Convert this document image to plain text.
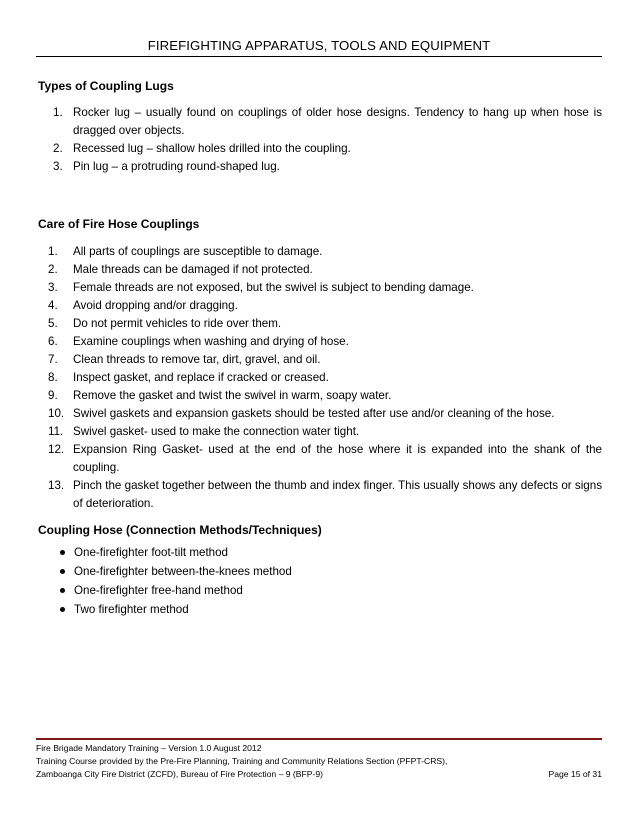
FIREFIGHTING APPARATUS, TOOLS AND EQUIPMENT
Types of Coupling Lugs
1. Rocker lug – usually found on couplings of older hose designs. Tendency to hang up when hose is dragged over objects.
2. Recessed lug – shallow holes drilled into the coupling.
3. Pin lug – a protruding round-shaped lug.
Care of Fire Hose Couplings
1. All parts of couplings are susceptible to damage.
2. Male threads can be damaged if not protected.
3. Female threads are not exposed, but the swivel is subject to bending damage.
4. Avoid dropping and/or dragging.
5. Do not permit vehicles to ride over them.
6. Examine couplings when washing and drying of hose.
7. Clean threads to remove tar, dirt, gravel, and oil.
8. Inspect gasket, and replace if cracked or creased.
9. Remove the gasket and twist the swivel in warm, soapy water.
10. Swivel gaskets and expansion gaskets should be tested after use and/or cleaning of the hose.
11. Swivel gasket- used to make the connection water tight.
12. Expansion Ring Gasket- used at the end of the hose where it is expanded into the shank of the coupling.
13. Pinch the gasket together between the thumb and index finger. This usually shows any defects or signs of deterioration.
Coupling Hose (Connection Methods/Techniques)
One-firefighter foot-tilt method
One-firefighter between-the-knees method
One-firefighter free-hand method
Two firefighter method
Fire Brigade Mandatory Training – Version 1.0 August 2012
Training Course provided by the Pre-Fire Planning, Training and Community Relations Section (PFPT-CRS),
Zamboanga City Fire District (ZCFD), Bureau of Fire Protection – 9 (BFP-9)	Page 15 of 31
